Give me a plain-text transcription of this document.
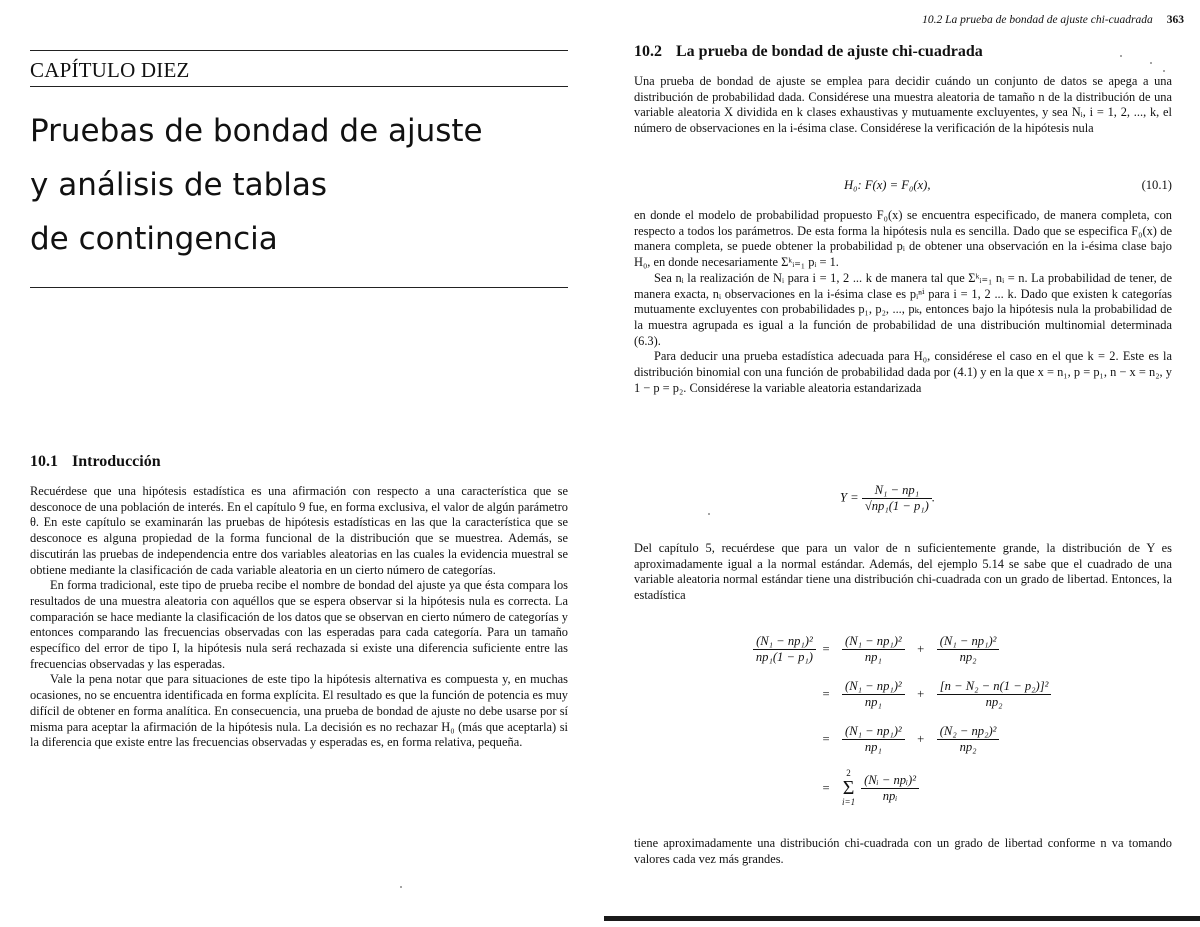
CAPÍTULO DIEZ
Pruebas de bondad de ajuste
y análisis de tablas
de contingencia
10.1 Introducción

Recuérdese que una hipótesis estadística es una afirmación con respecto a una característica que se desconoce de una población de interés. En el capítulo 9 fue, en forma exclusiva, el valor de algún parámetro θ. En este capítulo se examinarán las pruebas de hipótesis estadísticas en las que la característica que se desconoce es alguna propiedad de la forma funcional de la distribución que se muestrea. Además, se discutirán las pruebas de independencia entre dos variables aleatorias en las cuales la evidencia muestral se obtiene mediante la clasificación de cada variable aleatoria en un cierto número de categorías.

En forma tradicional, este tipo de prueba recibe el nombre de bondad del ajuste ya que ésta compara los resultados de una muestra aleatoria con aquéllos que se espera observar si la hipótesis nula es correcta. La comparación se hace mediante la clasificación de los datos que se observan en cierto número de categorías y entonces comparando las frecuencias observadas con las esperadas para cada categoría. Para un tamaño específico del error de tipo I, la hipótesis nula será rechazada si existe una diferencia suficiente entre las frecuencias observadas y las esperadas.

Vale la pena notar que para situaciones de este tipo la hipótesis alternativa es compuesta y, en muchas ocasiones, no se encuentra identificada en forma explícita. El resultado es que la función de potencia es muy difícil de obtener en forma analítica. En consecuencia, una prueba de bondad de ajuste no debe usarse por sí misma para aceptar la afirmación de la hipótesis nula. La decisión es no rechazar H₀ (más que aceptarla) si la diferencia que existe entre las frecuencias observadas y esperadas es, en forma relativa, pequeña.

10.2 La prueba de bondad de ajuste chi-cuadrada 363
10.2 La prueba de bondad de ajuste chi-cuadrada

Una prueba de bondad de ajuste se emplea para decidir cuándo un conjunto de datos se apega a una distribución de probabilidad dada. Considérese una muestra aleatoria de tamaño n de la distribución de una variable aleatoria X dividida en k clases exhaustivas y mutuamente excluyentes, y sea Nᵢ, i = 1, 2, ..., k, el número de observaciones en la i-ésima clase. Considérese la verificación de la hipótesis nula

H₀: F(x) = F₀(x),	(10.1)

en donde el modelo de probabilidad propuesto F₀(x) se encuentra especificado, de manera completa, con respecto a todos los parámetros. De esta forma la hipótesis nula es sencilla. Dado que se especifica F₀(x) de manera completa, se puede obtener la probabilidad pᵢ de obtener una observación en la i-ésima clase bajo H₀, en donde necesariamente Σᵏᵢ₌₁ pᵢ = 1.

Sea nᵢ la realización de Nᵢ para i = 1, 2 ... k de manera tal que Σᵏᵢ₌₁ nᵢ = n. La probabilidad de tener, de manera exacta, nᵢ observaciones en la i-ésima clase es pᵢⁿⁱ para i = 1, 2 ... k. Dado que existen k categorías mutuamente excluyentes con probabilidades p₁, p₂, ..., pₖ, entonces bajo la hipótesis nula la probabilidad de la muestra agrupada es igual a la función de probabilidad de una distribución multinomial determinada (6.3).

Para deducir una prueba estadística adecuada para H₀, considérese el caso en el que k = 2. Este es la distribución binomial con una función de probabilidad dada por (4.1) y en la que x = n₁, p = p₁, n − x = n₂, y 1 − p = p₂. Considérese la variable aleatoria estandarizada

$Y = \frac{\text{N₁ − np₁}}{\text{√np₁(1 − p₁)}}$ .

Del capítulo 5, recuérdese que para un valor de n suficientemente grande, la distribución de Y es aproximadamente igual a la normal estándar. Además, del ejemplo 5.14 se sabe que el cuadrado de una variable aleatoria normal estándar tiene una distribución chi-cuadrada con un grado de libertad. Entonces, la estadística

$\frac{\text{(N₁ − np₁)²}}{\text{np₁(1 − p₁)}} = \frac{\text{(N₁ − np₁)²}}{\text{np₁}} + \frac{\text{(N₁ − np₁)²}}{\text{np₂}}$
= $\frac{\text{(N₁ − np₁)²}}{\text{np₁}} + \frac{\text{[n − N₂ − n(1 − p₂)]²}}{\text{np₂}}$
= $\frac{\text{(N₁ − np₁)²}}{\text{np₁}} + \frac{\text{(N₂ − np₂)²}}{\text{np₂}}$
=
2
Σ
$i=1 \frac{\text{(Nᵢ − npᵢ)²}}{\text{npᵢ}}$

tiene aproximadamente una distribución chi-cuadrada con un grado de libertad conforme n va tomando valores cada vez más grandes.
